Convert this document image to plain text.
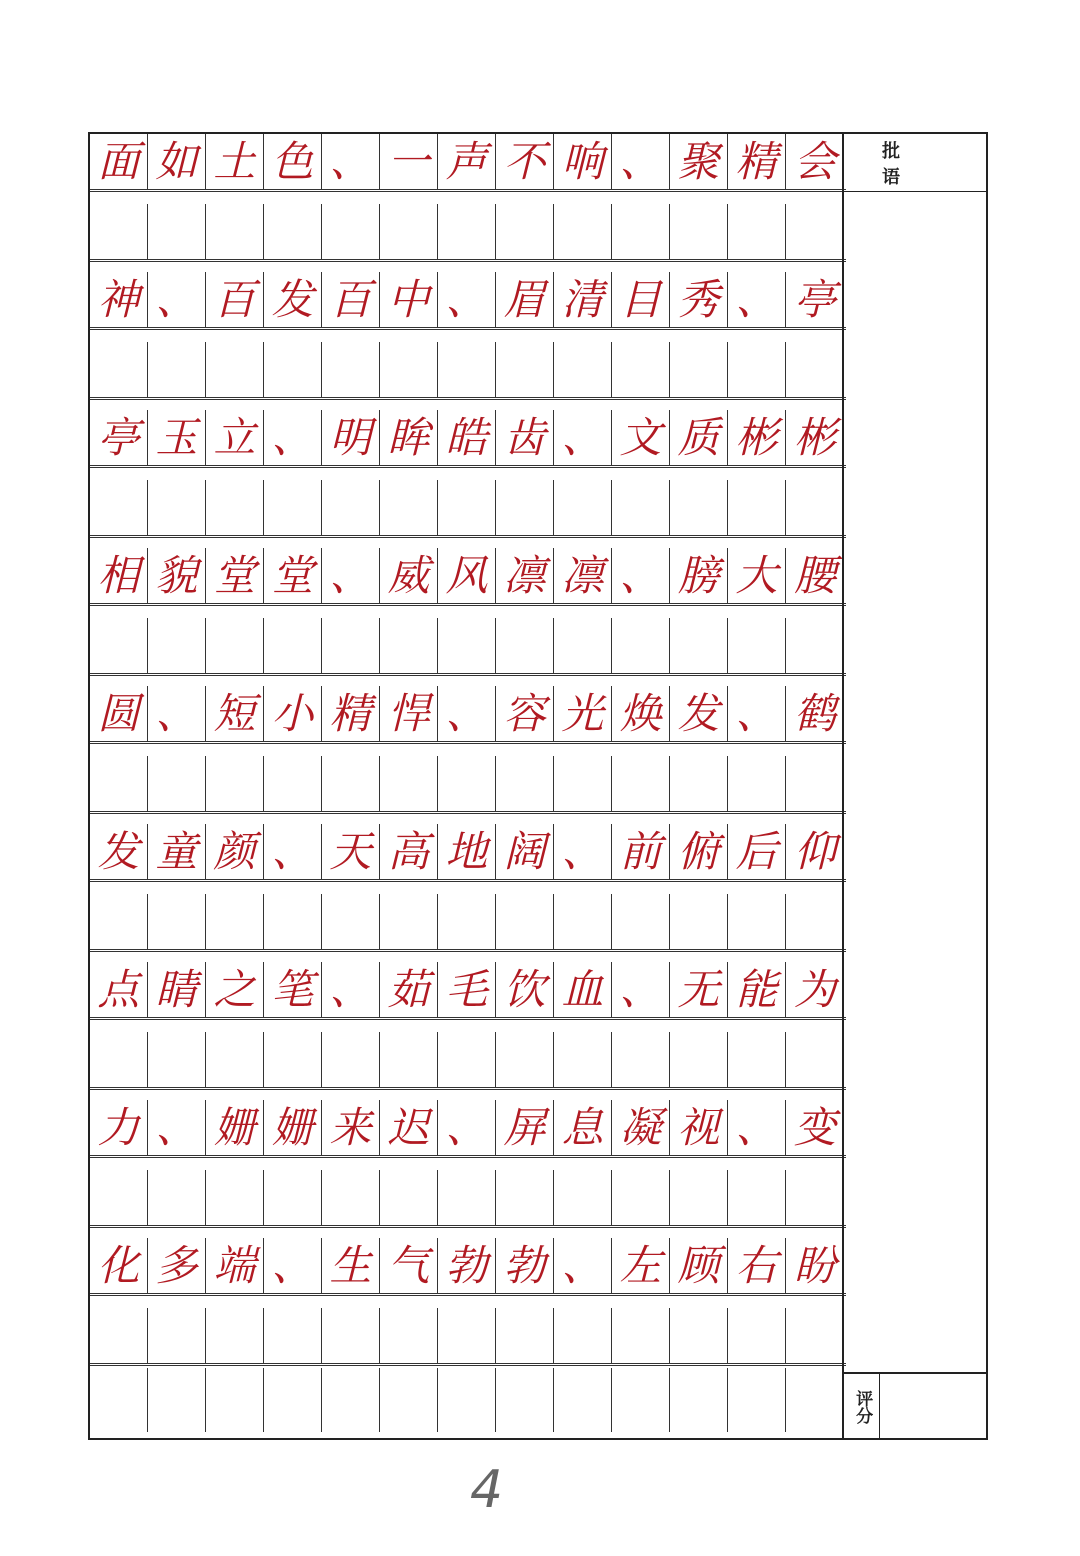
面 如 土 色 、 一 声 不 响 、 聚 精 会
神 、 百 发 百 中 、 眉 清 目 秀 、 亭
亭 玉 立 、 明 眸 皓 齿 、 文 质 彬 彬
相 貌 堂 堂 、 威 风 凛 凛 、 膀 大 腰
圆 、 短 小 精 悍 、 容 光 焕 发 、 鹤
发 童 颜 、 天 高 地 阔 、 前 俯 后 仰
点 睛 之 笔 、 茹 毛 饮 血 、 无 能 为
力 、 姗 姗 来 迟 、 屏 息 凝 视 、 变
化 多 端 、 生 气 勃 勃 、 左 顾 右 盼
批语
评分
4
